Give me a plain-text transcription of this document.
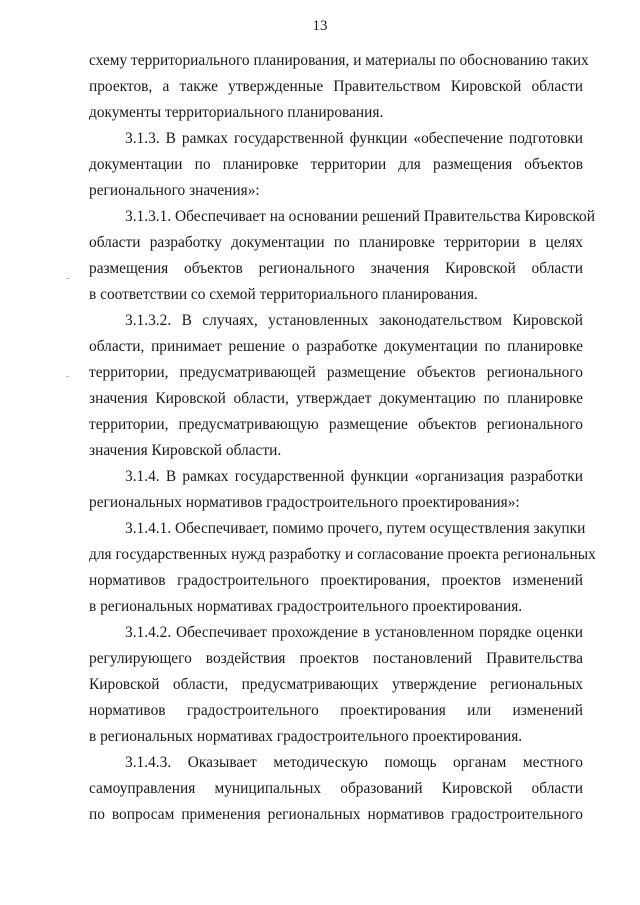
13
схему территориального планирования, и материалы по обоснованию таких
проектов, а также утвержденные Правительством Кировской области
документы территориального планирования.
3.1.3. В рамках государственной функции «обеспечение подготовки
документации по планировке территории для размещения объектов
регионального значения»:
3.1.3.1. Обеспечивает на основании решений Правительства Кировской
области разработку документации по планировке территории в целях
размещения объектов регионального значения Кировской области
в соответствии со схемой территориального планирования.
3.1.3.2. В случаях, установленных законодательством Кировской
области, принимает решение о разработке документации по планировке
территории, предусматривающей размещение объектов регионального
значения Кировской области, утверждает документацию по планировке
территории, предусматривающую размещение объектов регионального
значения Кировской области.
3.1.4. В рамках государственной функции «организация разработки
региональных нормативов градостроительного проектирования»:
3.1.4.1. Обеспечивает, помимо прочего, путем осуществления закупки
для государственных нужд разработку и согласование проекта региональных
нормативов градостроительного проектирования, проектов изменений
в региональных нормативах градостроительного проектирования.
3.1.4.2. Обеспечивает прохождение в установленном порядке оценки
регулирующего воздействия проектов постановлений Правительства
Кировской области, предусматривающих утверждение региональных
нормативов градостроительного проектирования или изменений
в региональных нормативах градостроительного проектирования.
3.1.4.3. Оказывает методическую помощь органам местного
самоуправления муниципальных образований Кировской области
по вопросам применения региональных нормативов градостроительного
